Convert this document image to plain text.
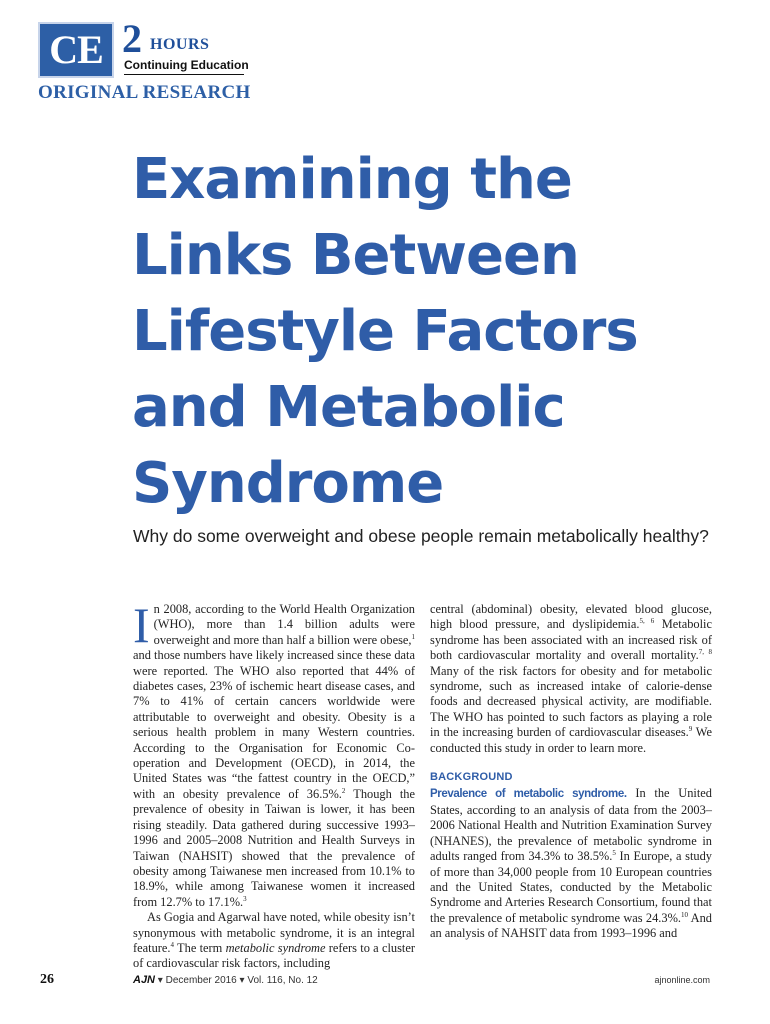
CE 2 HOURS
Continuing Education
ORIGINAL RESEARCH
Examining the Links Between Lifestyle Factors and Metabolic Syndrome

Why do some overweight and obese people remain metabolically healthy?

In 2008, according to the World Health Organization (WHO), more than 1.4 billion adults were overweight and more than half a billion were obese,$^1$ and those numbers have likely increased since these data were reported. The WHO also reported that 44% of diabetes cases, 23% of ischemic heart disease cases, and 7% to 41% of certain cancers worldwide were attributable to overweight and obesity. Obesity is a serious health problem in many Western countries. According to the Organisation for Economic Co-operation and Development (OECD), in 2014, the United States was “the fattest country in the OECD,” with an obesity prevalence of 36.5%.$^2$ Though the prevalence of obesity in Taiwan is lower, it has been rising steadily. Data gathered during successive 1993–1996 and 2005–2008 Nutrition and Health Surveys in Taiwan (NAHSIT) showed that the prevalence of obesity among Taiwanese men increased from 10.1% to 18.9%, while among Taiwanese women it increased from 12.7% to 17.1%.$^3$

As Gogia and Agarwal have noted, while obesity isn’t synonymous with metabolic syndrome, it is an integral feature.$^4$ The term metabolic syndrome refers to a cluster of cardiovascular risk factors, including

central (abdominal) obesity, elevated blood glucose, high blood pressure, and dyslipidemia.$^{5, 6}$ Metabolic syndrome has been associated with an increased risk of both cardiovascular mortality and overall mortality.$^{7, 8}$ Many of the risk factors for obesity and for metabolic syndrome, such as increased intake of calorie-dense foods and decreased physical activity, are modifiable. The WHO has pointed to such factors as playing a role in the increasing burden of cardiovascular diseases.$^9$ We conducted this study in order to learn more.

BACKGROUND

Prevalence of metabolic syndrome. In the United States, according to an analysis of data from the 2003–2006 National Health and Nutrition Examination Survey (NHANES), the prevalence of metabolic syndrome in adults ranged from 34.3% to 38.5%.$^5$ In Europe, a study of more than 34,000 people from 10 European countries and the United States, conducted by the Metabolic Syndrome and Arteries Research Consortium, found that the prevalence of metabolic syndrome was 24.3%.$^{10}$ And an analysis of NAHSIT data from 1993–1996 and

26	AJN ▾ December 2016 ▾ Vol. 116, No. 12	ajnonline.com
